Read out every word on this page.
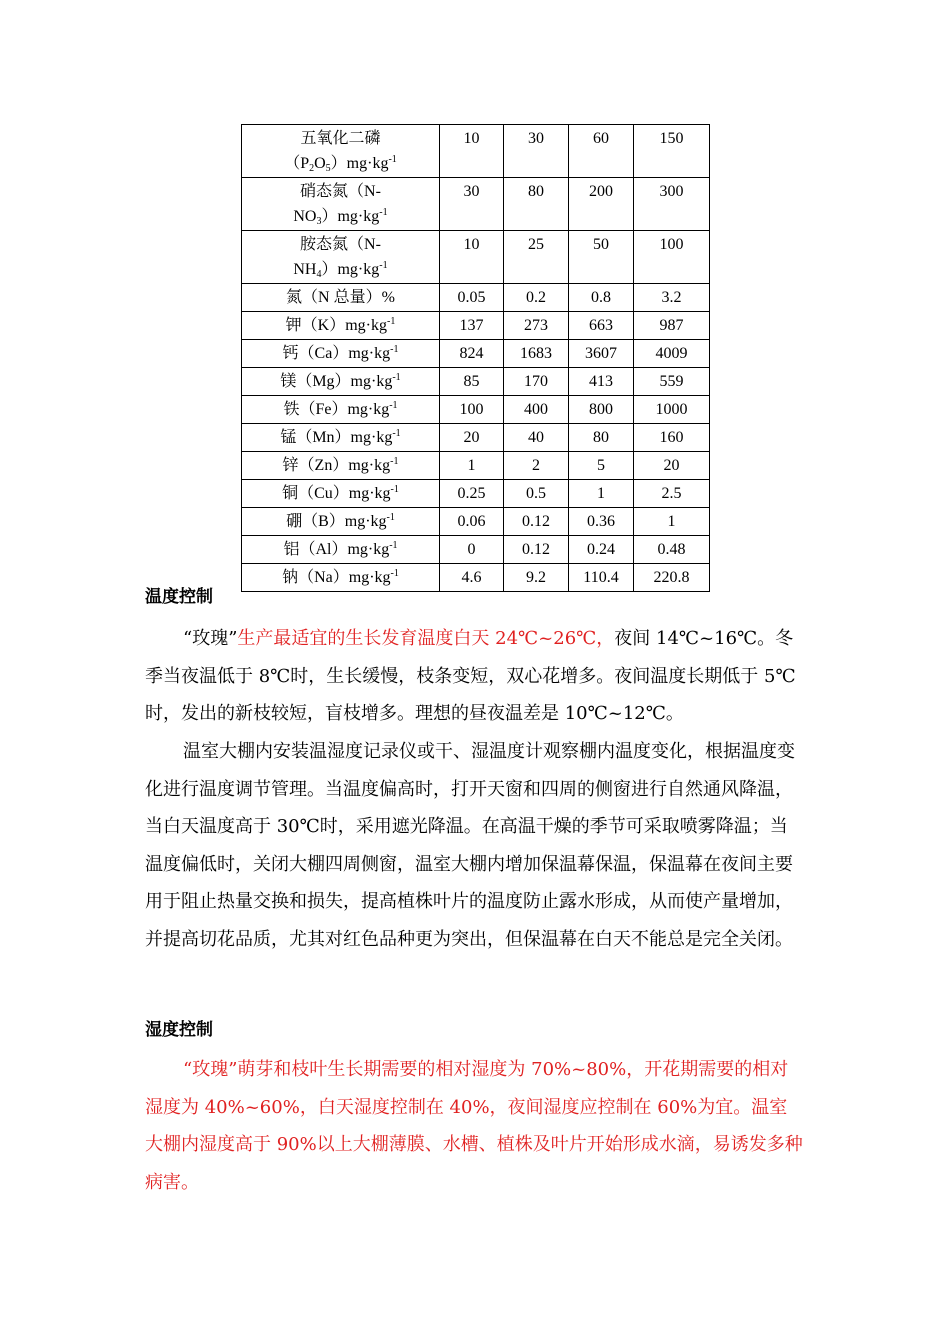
五氧化二磷
$(P_2O_5)mg\cdot kg^{-1}$	10	30	60	150
硝态氮（N-
$NO_3)mg\cdot kg^{-1}$	30	80	200	300
胺态氮（N-
$NH_4)mg\cdot kg^{-1}$	10	25	50	100
氮（N 总量）%	0.05	0.2	0.8	3.2
钾$(K)mg\cdot kg^{-1}$	137	273	663	987
钙$(Ca)mg\cdot kg^{-1}$	824	1683	3607	4009
镁$(Mg)mg\cdot kg^{-1}$	85	170	413	559
铁$(Fe)mg\cdot kg^{-1}$	100	400	800	1000
锰$(Mn)mg\cdot kg^{-1}$	20	40	80	160
锌$(Zn)mg\cdot kg^{-1}$	1	2	5	20
铜$(Cu)mg\cdot kg^{-1}$	0.25	0.5	1	2.5
硼$(B)mg\cdot kg^{-1}$	0.06	0.12	0.36	1
铝$(Al)mg\cdot kg^{-1}$	0	0.12	0.24	0.48
钠$(Na)mg\cdot kg^{-1}$	4.6	9.2	110.4	220.8
温度控制

“玫瑰”生产最适宜的生长发育温度白天 24℃~26℃，夜间 14℃~16℃。冬季当夜温低于 8℃时，生长缓慢，枝条变短，双心花增多。夜间温度长期低于 5℃时，发出的新枝较短，盲枝增多。理想的昼夜温差是 10℃~12℃。

温室大棚内安装温湿度记录仪或干、湿温度计观察棚内温度变化，根据温度变化进行温度调节管理。当温度偏高时，打开天窗和四周的侧窗进行自然通风降温，当白天温度高于 30℃时，采用遮光降温。在高温干燥的季节可采取喷雾降温；当温度偏低时，关闭大棚四周侧窗，温室大棚内增加保温幕保温，保温幕在夜间主要用于阻止热量交换和损失，提高植株叶片的温度防止露水形成，从而使产量增加，并提高切花品质，尤其对红色品种更为突出，但保温幕在白天不能总是完全关闭。

湿度控制

“玫瑰”萌芽和枝叶生长期需要的相对湿度为 70%~80%，开花期需要的相对湿度为 40%~60%，白天湿度控制在 40%，夜间湿度应控制在 60%为宜。温室大棚内湿度高于 90%以上大棚薄膜、水槽、植株及叶片开始形成水滴，易诱发多种病害。
